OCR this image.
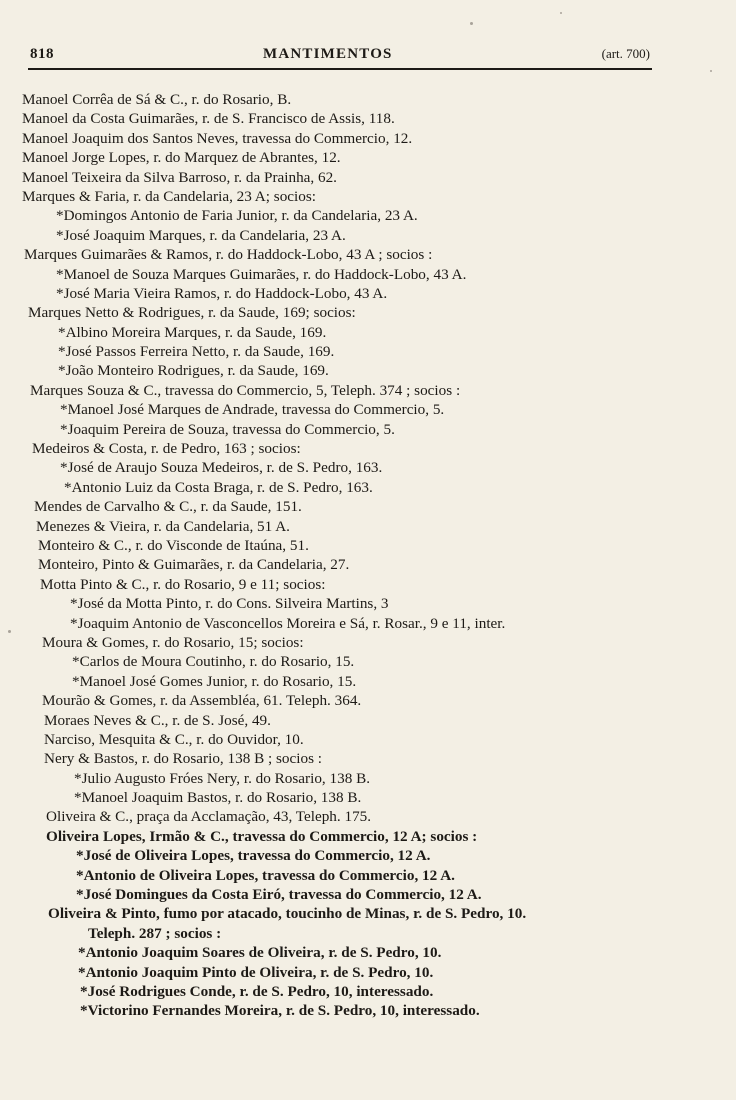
818	MANTIMENTOS	(art. 700)
Manoel Corrêa de Sá & C., r. do Rosario, B.
Manoel da Costa Guimarães, r. de S. Francisco de Assis, 118.
Manoel Joaquim dos Santos Neves, travessa do Commercio, 12.
Manoel Jorge Lopes, r. do Marquez de Abrantes, 12.
Manoel Teixeira da Silva Barroso, r. da Prainha, 62.
Marques & Faria, r. da Candelaria, 23 A; socios:
*Domingos Antonio de Faria Junior, r. da Candelaria, 23 A.
*José Joaquim Marques, r. da Candelaria, 23 A.
Marques Guimarães & Ramos, r. do Haddock-Lobo, 43 A ; socios :
*Manoel de Souza Marques Guimarães, r. do Haddock-Lobo, 43 A.
*José Maria Vieira Ramos, r. do Haddock-Lobo, 43 A.
Marques Netto & Rodrigues, r. da Saude, 169; socios:
*Albino Moreira Marques, r. da Saude, 169.
*José Passos Ferreira Netto, r. da Saude, 169.
*João Monteiro Rodrigues, r. da Saude, 169.
Marques Souza & C., travessa do Commercio, 5, Teleph. 374 ; socios :
*Manoel José Marques de Andrade, travessa do Commercio, 5.
*Joaquim Pereira de Souza, travessa do Commercio, 5.
Medeiros & Costa, r. de Pedro, 163 ; socios:
*José de Araujo Souza Medeiros, r. de S. Pedro, 163.
*Antonio Luiz da Costa Braga, r. de S. Pedro, 163.
Mendes de Carvalho & C., r. da Saude, 151.
Menezes & Vieira, r. da Candelaria, 51 A.
Monteiro & C., r. do Visconde de Itaúna, 51.
Monteiro, Pinto & Guimarães, r. da Candelaria, 27.
Motta Pinto & C., r. do Rosario, 9 e 11; socios:
*José da Motta Pinto, r. do Cons. Silveira Martins, 3
*Joaquim Antonio de Vasconcellos Moreira e Sá, r. Rosar., 9 e 11, inter.
Moura & Gomes, r. do Rosario, 15; socios:
*Carlos de Moura Coutinho, r. do Rosario, 15.
*Manoel José Gomes Junior, r. do Rosario, 15.
Mourão & Gomes, r. da Assembléa, 61. Teleph. 364.
Moraes Neves & C., r. de S. José, 49.
Narciso, Mesquita & C., r. do Ouvidor, 10.
Nery & Bastos, r. do Rosario, 138 B ; socios :
*Julio Augusto Fróes Nery, r. do Rosario, 138 B.
*Manoel Joaquim Bastos, r. do Rosario, 138 B.
Oliveira & C., praça da Acclamação, 43, Teleph. 175.
Oliveira Lopes, Irmão & C., travessa do Commercio, 12 A; socios :
*José de Oliveira Lopes, travessa do Commercio, 12 A.
*Antonio de Oliveira Lopes, travessa do Commercio, 12 A.
*José Domingues da Costa Eiró, travessa do Commercio, 12 A.
Oliveira & Pinto, fumo por atacado, toucinho de Minas, r. de S. Pedro, 10.
Teleph. 287 ; socios :
*Antonio Joaquim Soares de Oliveira, r. de S. Pedro, 10.
*Antonio Joaquim Pinto de Oliveira, r. de S. Pedro, 10.
*José Rodrigues Conde, r. de S. Pedro, 10, interessado.
*Victorino Fernandes Moreira, r. de S. Pedro, 10, interessado.
